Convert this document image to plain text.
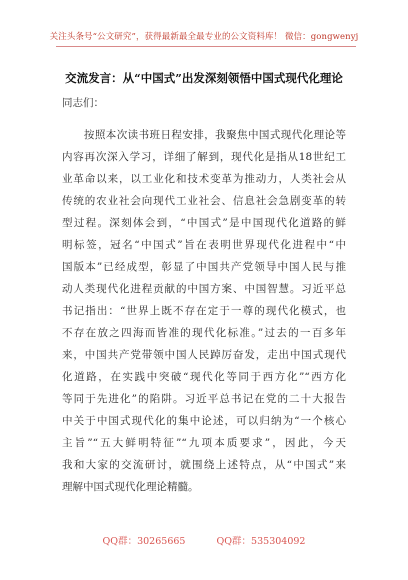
关注头条号“公文研究”，获得最新最全最专业的公文资料库！ 微信：gongwenyj
交流发言：从“中国式”出发深刻领悟中国式现代化理论
同志们：
　　按照本次读书班日程安排，我聚焦中国式现代化理论等
内容再次深入学习，详细了解到，现代化是指从18世纪工
业革命以来，以工业化和技术变革为推动力，人类社会从
传统的农业社会向现代工业社会、信息社会急剧变革的转
型过程。深刻体会到，“中国式”是中国现代化道路的鲜
明标签，冠名“中国式”旨在表明世界现代化进程中“中
国版本”已经成型，彰显了中国共产党领导中国人民与推
动人类现代化进程贡献的中国方案、中国智慧。习近平总
书记指出：“世界上既不存在定于一尊的现代化模式，也
不存在放之四海而皆准的现代化标准。”过去的一百多年
来，中国共产党带领中国人民踔厉奋发，走出中国式现代
化道路，在实践中突破“现代化等同于西方化”“西方化
等同于先进化”的陷阱。习近平总书记在党的二十大报告
中关于中国式现代化的集中论述，可以归纳为“一个核心
主旨”“五大鲜明特征”“九项本质要求”，因此，今天
我和大家的交流研讨，就围绕上述特点，从“中国式”来
理解中国式现代化理论精髓。
QQ群：30265665	QQ群：535304092
